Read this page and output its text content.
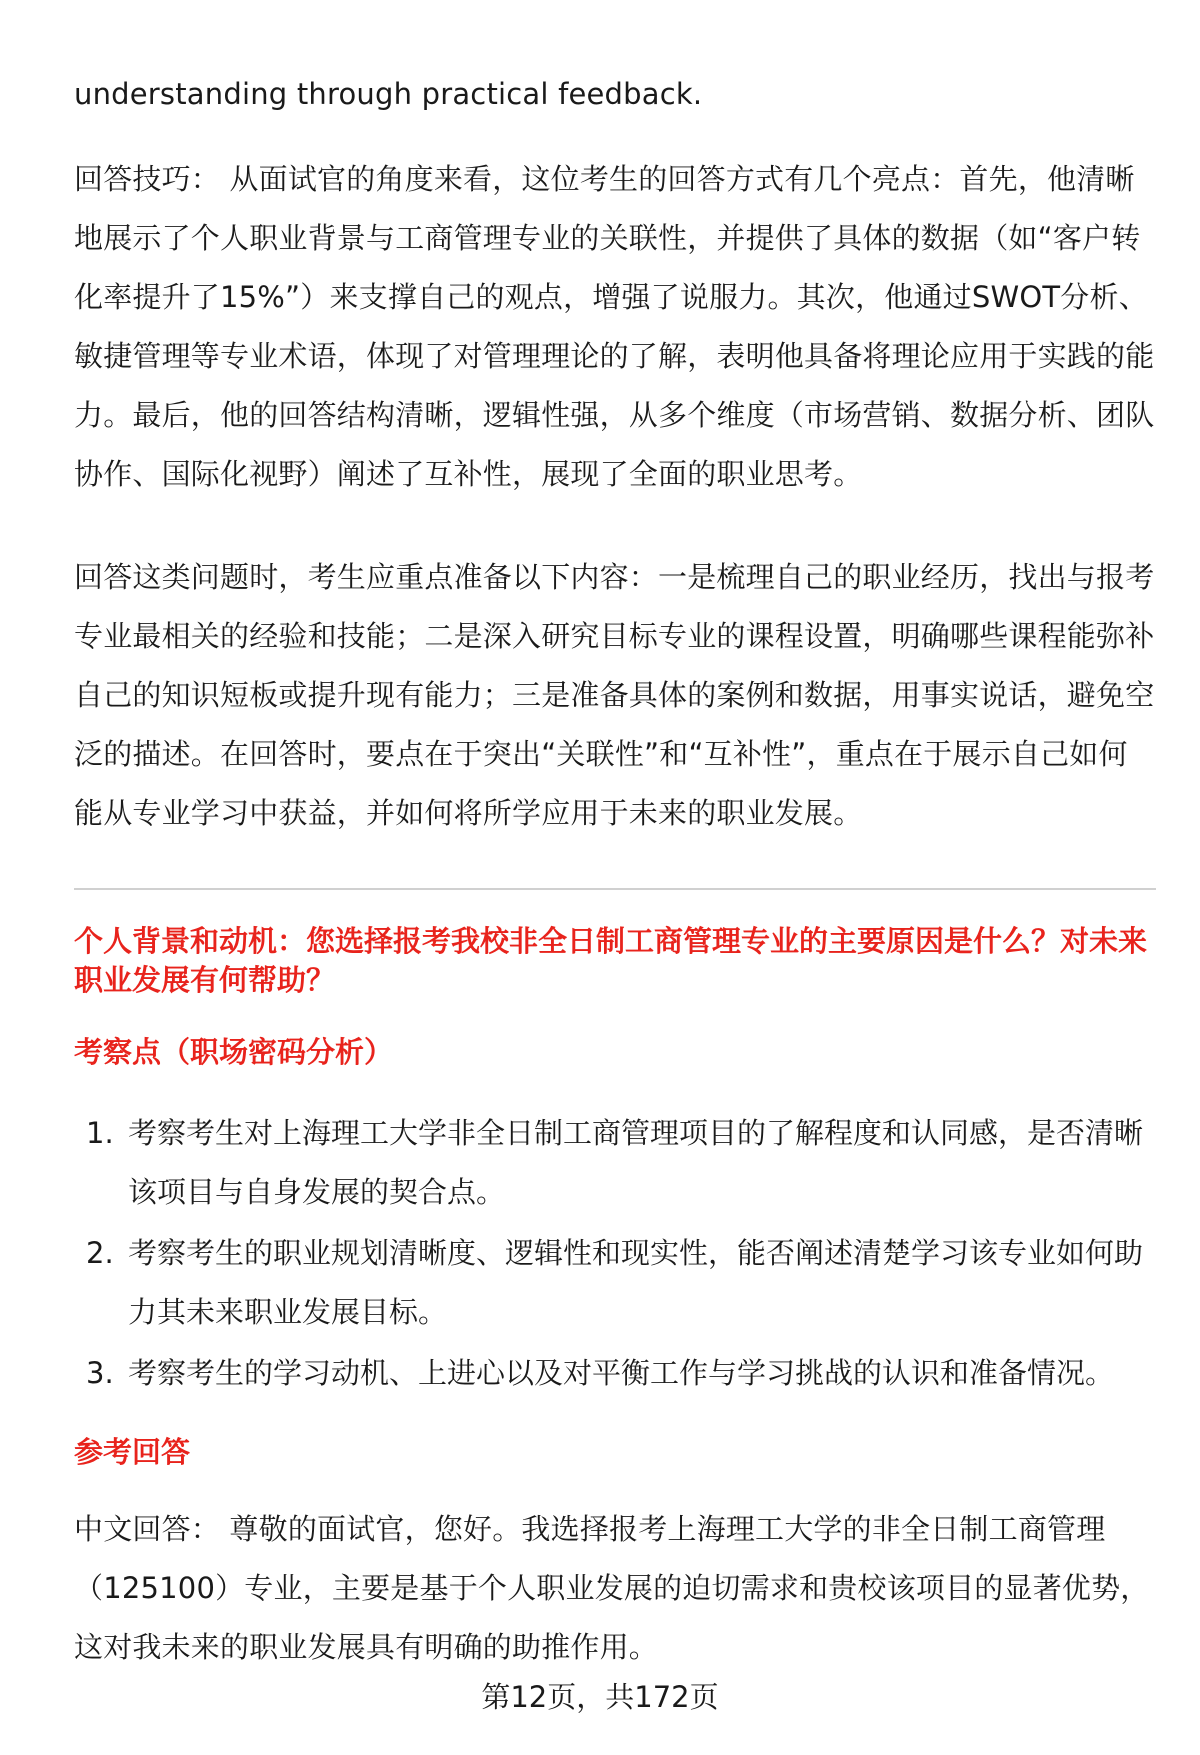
understanding through practical feedback.

回答技巧： 从面试官的角度来看，这位考生的回答方式有几个亮点：首先，他清晰地展示了个人职业背景与工商管理专业的关联性，并提供了具体的数据（如“客户转化率提升了15%”）来支撑自己的观点，增强了说服力。其次，他通过SWOT分析、敏捷管理等专业术语，体现了对管理理论的了解，表明他具备将理论应用于实践的能力。最后，他的回答结构清晰，逻辑性强，从多个维度（市场营销、数据分析、团队协作、国际化视野）阐述了互补性，展现了全面的职业思考。

回答这类问题时，考生应重点准备以下内容：一是梳理自己的职业经历，找出与报考专业最相关的经验和技能；二是深入研究目标专业的课程设置，明确哪些课程能弥补自己的知识短板或提升现有能力；三是准备具体的案例和数据，用事实说话，避免空泛的描述。在回答时，要点在于突出“关联性”和“互补性”，重点在于展示自己如何能从专业学习中获益，并如何将所学应用于未来的职业发展。

个人背景和动机：您选择报考我校非全日制工商管理专业的主要原因是什么？对未来职业发展有何帮助？
考察点（职场密码分析）
1. 考察考生对上海理工大学非全日制工商管理项目的了解程度和认同感，是否清晰该项目与自身发展的契合点。
2. 考察考生的职业规划清晰度、逻辑性和现实性，能否阐述清楚学习该专业如何助力其未来职业发展目标。
3. 考察考生的学习动机、上进心以及对平衡工作与学习挑战的认识和准备情况。
参考回答

中文回答： 尊敬的面试官，您好。我选择报考上海理工大学的非全日制工商管理（125100）专业，主要是基于个人职业发展的迫切需求和贵校该项目的显著优势，这对我未来的职业发展具有明确的助推作用。

第12页，共172页
